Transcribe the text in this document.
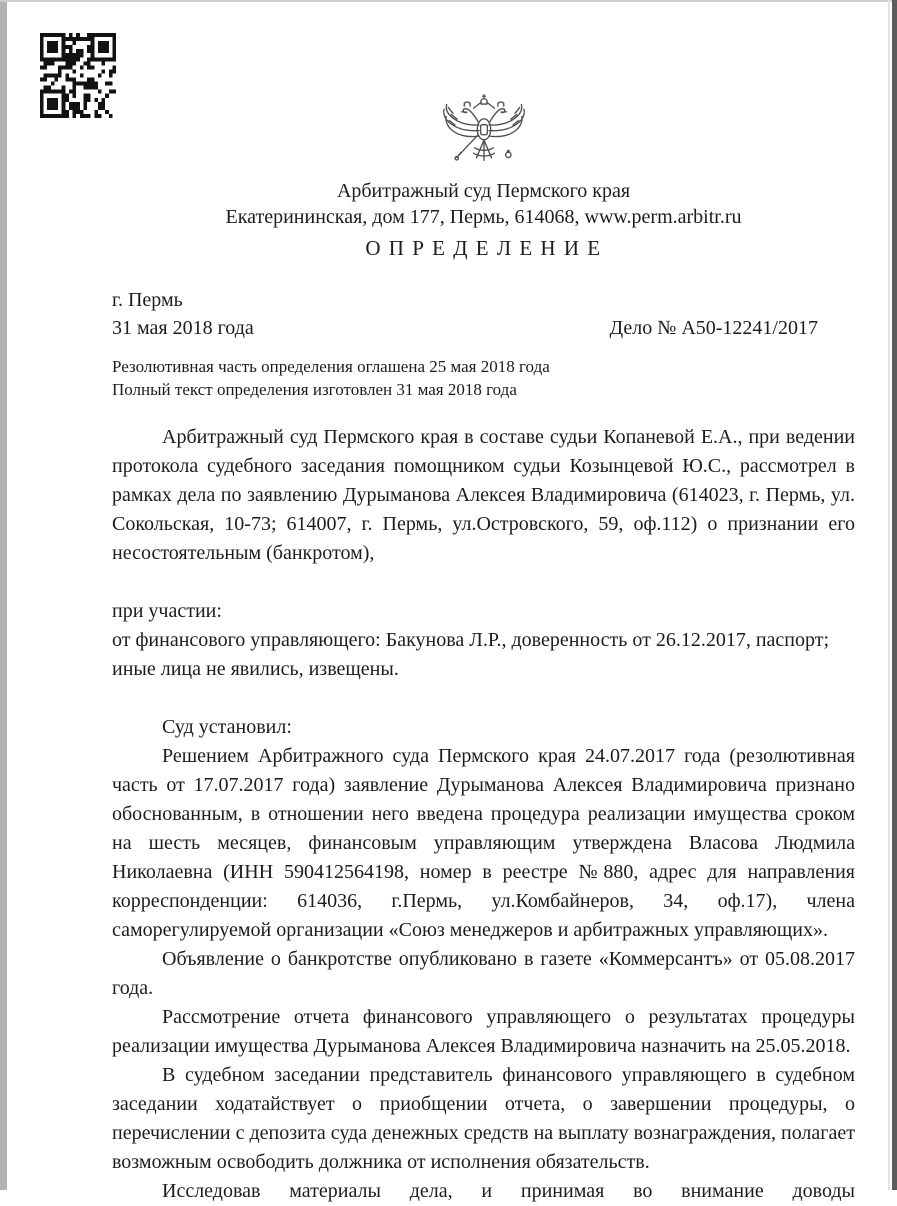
Арбитражный суд Пермского края
Екатерининская, дом 177, Пермь, 614068, www.perm.arbitr.ru
О П Р Е Д Е Л Е Н И Е
г. Пермь
31 мая 2018 года	Дело № А50-12241/2017
Резолютивная часть определения оглашена 25 мая 2018 года
Полный текст определения изготовлен 31 мая 2018 года

Арбитражный суд Пермского края в составе судьи Копаневой Е.А., при ведении протокола судебного заседания помощником судьи Козынцевой Ю.С., рассмотрел в рамках дела по заявлению Дурыманова Алексея Владимировича (614023, г. Пермь, ул. Сокольская, 10-73; 614007, г. Пермь, ул.Островского, 59, оф.112) о признании его несостоятельным (банкротом),

при участии:

от финансового управляющего: Бакунова Л.Р., доверенность от 26.12.2017, паспорт;

иные лица не явились, извещены.

Суд установил:

Решением Арбитражного суда Пермского края 24.07.2017 года (резолютивная часть от 17.07.2017 года) заявление Дурыманова Алексея Владимировича признано обоснованным, в отношении него введена процедура реализации имущества сроком на шесть месяцев, финансовым управляющим утверждена Власова Людмила Николаевна (ИНН 590412564198, номер в реестре №880, адрес для направления корреспонденции: 614036, г.Пермь, ул.Комбайнеров, 34, оф.17), члена саморегулируемой организации «Союз менеджеров и арбитражных управляющих».

Объявление о банкротстве опубликовано в газете «Коммерсантъ» от 05.08.2017 года.

Рассмотрение отчета финансового управляющего о результатах процедуры реализации имущества Дурыманова Алексея Владимировича назначить на 25.05.2018.

В судебном заседании представитель финансового управляющего в судебном заседании ходатайствует о приобщении отчета, о завершении процедуры, о перечислении с депозита суда денежных средств на выплату вознаграждения, полагает возможным освободить должника от исполнения обязательств.

Исследовав материалы дела, и принимая во внимание доводы
